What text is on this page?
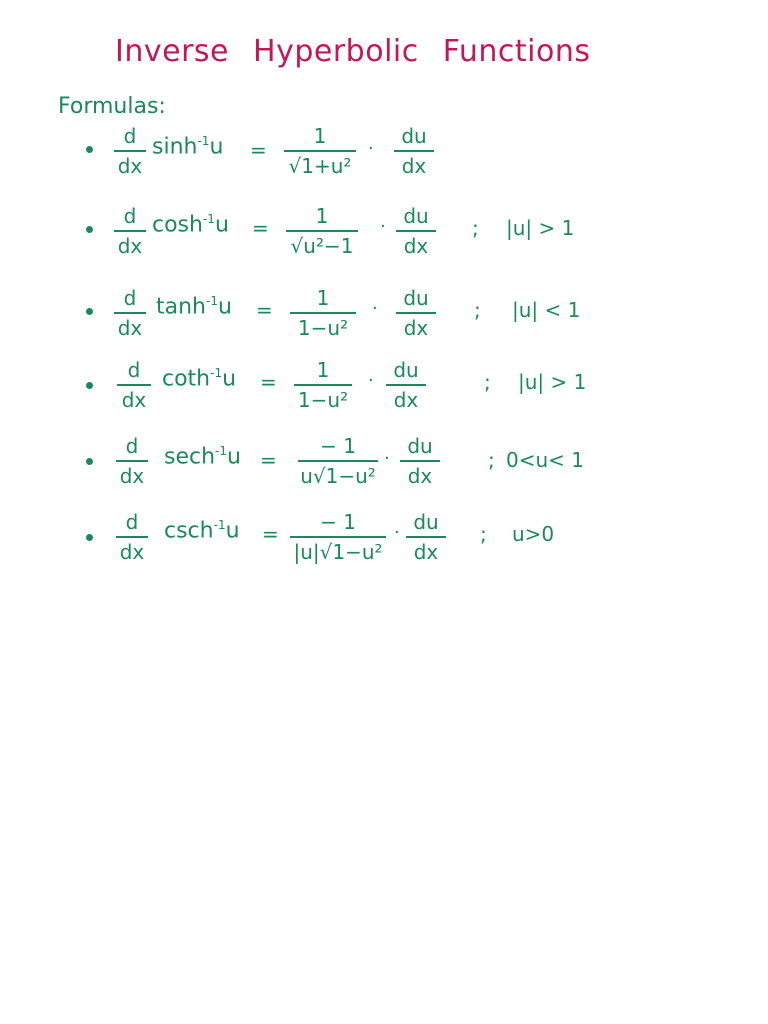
Inverse Hyperbolic Functions
Formulas:
d
dx
$\sinh^{-1}u$ =
1
√1+u²
·
du
dx
d
dx
$\cosh^{-1}u = 1$
√u²−1
· du
dx
; |u| > 1
d
dx
$\tanh^{-1}u = 1$
1−u²
· du
dx
; |u| < 1
d
dx
coth$^{-1}$u = 1
1−u²
· du
dx
; |u| > 1
d
dx
sech$^{-1}$u =
− 1
u√1−u²
·
du
dx
; 0<u< 1
d
dx
csch$^{-1}$u = − 1
|u|√1−u²
· du
dx
; u>0
